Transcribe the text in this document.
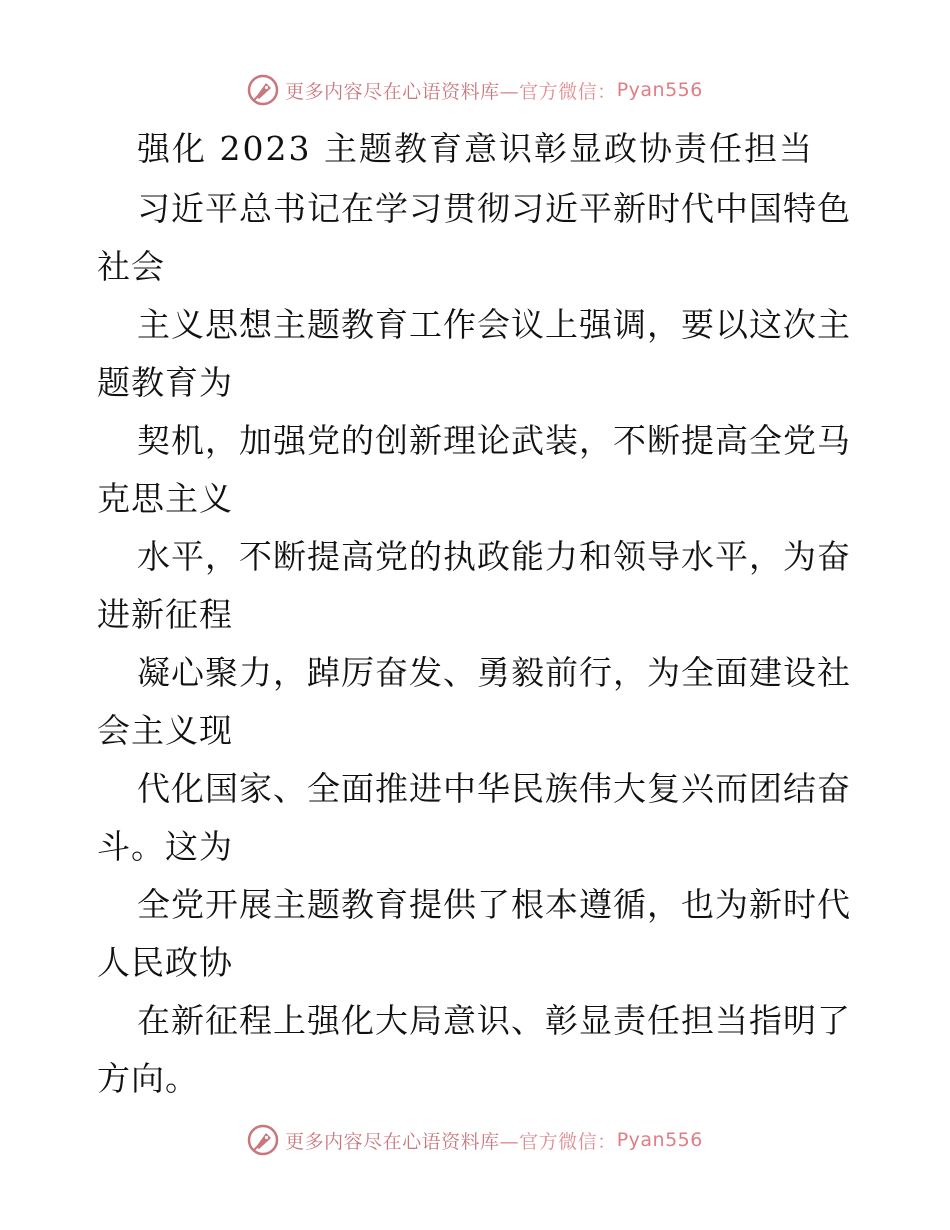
更多内容尽在心语资料库 —官方微信： Pyan556
强化 2023 主题教育意识彰显政协责任担当

习近平总书记在学习贯彻习近平新时代中国特色
社会

主义思想主题教育工作会议上强调，要以这次主
题教育为

契机，加强党的创新理论武装，不断提高全党马
克思主义

水平，不断提高党的执政能力和领导水平，为奋
进新征程

凝心聚力，踔厉奋发、勇毅前行，为全面建设社
会主义现

代化国家、全面推进中华民族伟大复兴而团结奋
斗。这为

全党开展主题教育提供了根本遵循，也为新时代
人民政协

在新征程上强化大局意识、彰显责任担当指明了
方向。

更多内容尽在心语资料库 —官方微信： Pyan556
